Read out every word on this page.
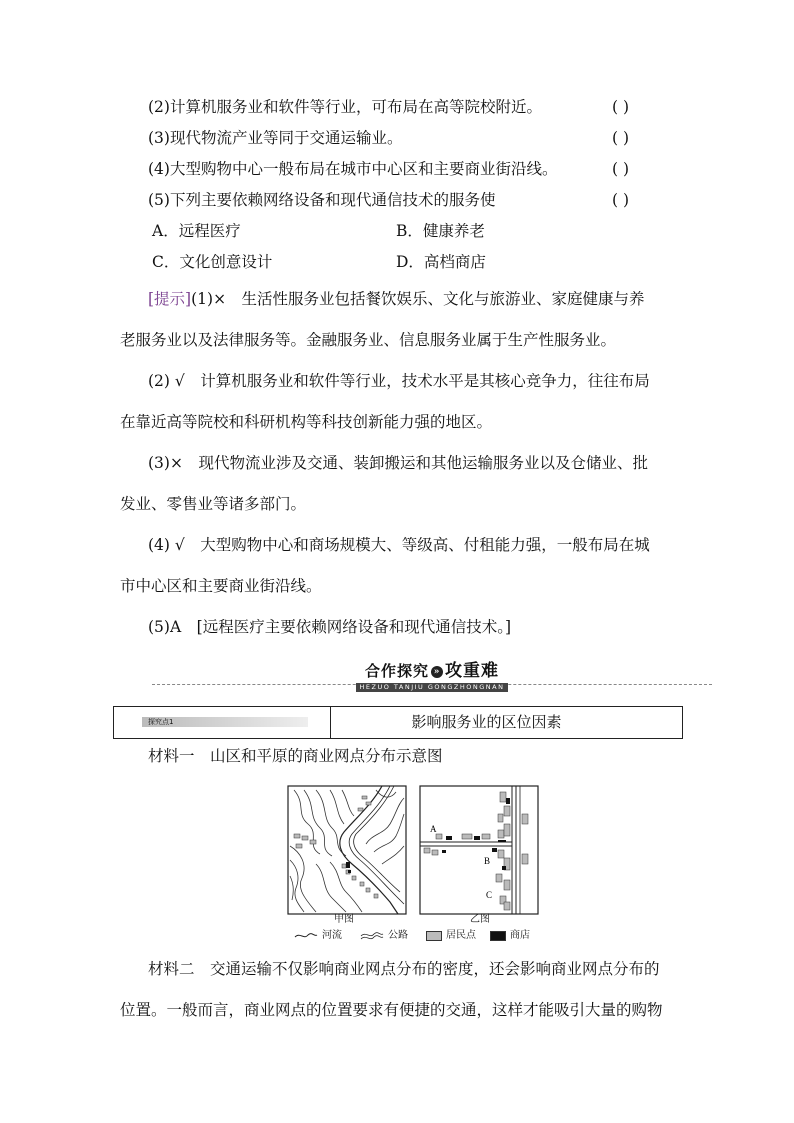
(2)计算机服务业和软件等行业，可布局在高等院校附近。	( )
(3)现代物流产业等同于交通运输业。	( )
(4)大型购物中心一般布局在城市中心区和主要商业街沿线。	( )
(5)下列主要依赖网络设备和现代通信技术的服务使	( )
A．远程医疗	B．健康养老
C．文化创意设计	D．高档商店
[提示](1)×　生活性服务业包括餐饮娱乐、文化与旅游业、家庭健康与养
老服务业以及法律服务等。金融服务业、信息服务业属于生产性服务业。
(2) √　计算机服务业和软件等行业，技术水平是其核心竞争力，往往布局
在靠近高等院校和科研机构等科技创新能力强的地区。
(3)×　现代物流业涉及交通、装卸搬运和其他运输服务业以及仓储业、批
发业、零售业等诸多部门。
(4) √　大型购物中心和商场规模大、等级高、付租能力强，一般布局在城
市中心区和主要商业街沿线。
(5)A　[远程医疗主要依赖网络设备和现代通信技术。]
合作探究 » 攻重难
HEZUO TANJIU GONGZHONGNAN
探究点1	影响服务业的区位因素
材料一　 山区和平原的商业网点分布示意图
A
B
C
甲图	乙图
河流	公路	居民点	商店
材料二　交通运输不仅影响商业网点分布的密度，还会影响商业网点分布的
位置。一般而言，商业网点的位置要求有便捷的交通，这样才能吸引大量的购物
